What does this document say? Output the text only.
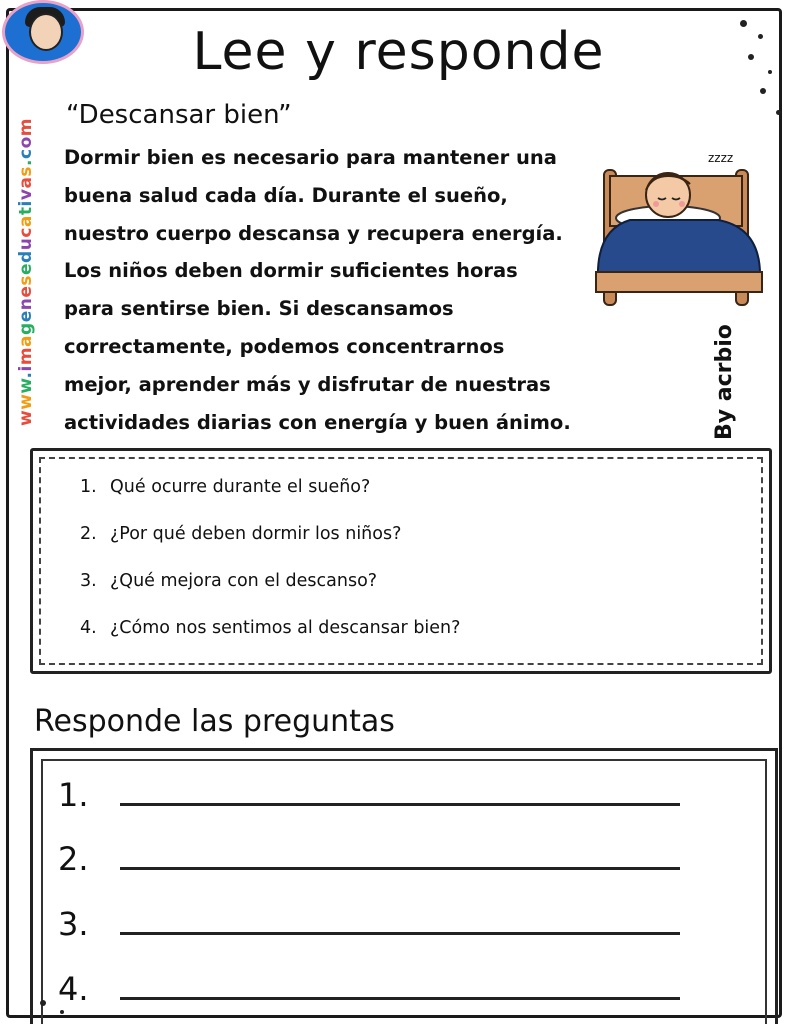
www.imageneseducativas.com
Lee y responde
“Descansar bien”

Dormir bien es necesario para mantener una

buena salud cada día. Durante el sueño,

nuestro cuerpo descansa y recupera energía.

Los niños deben dormir suficientes horas

para sentirse bien. Si descansamos

correctamente, podemos concentrarnos

mejor, aprender más y disfrutar de nuestras

actividades diarias con energía y buen ánimo.

zzzz
By acrbio
1. Qué ocurre durante el sueño?
2. ¿Por qué deben dormir los niños?
3. ¿Qué mejora con el descanso?
4. ¿Cómo nos sentimos al descansar bien?
Responde las preguntas
1.
2.
3.
4.
